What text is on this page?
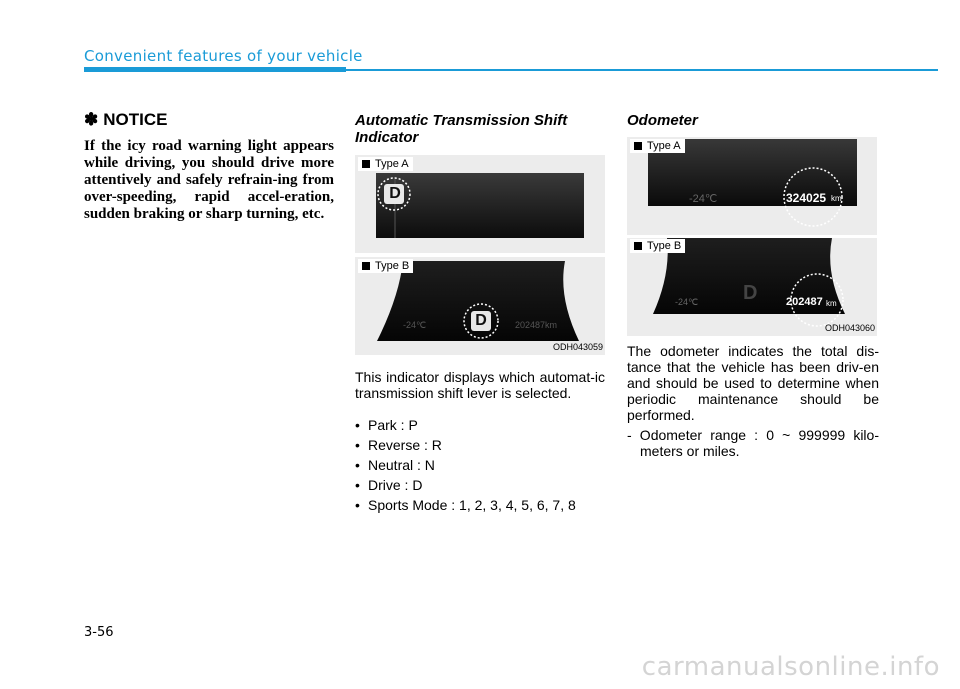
Convenient features of your vehicle
✽ NOTICE

If the icy road warning light appears while driving, you should drive more attentively and safely refrain-ing from over-speeding, rapid accel-eration, sudden braking or sharp turning, etc.

Automatic Transmission Shift Indicator
D
Type A
D
-24℃	202487km
Type B
ODH043059

This indicator displays which automat-ic transmission shift lever is selected.

• Park : P
• Reverse : R
• Neutral : N
• Drive : D
• Sports Mode : 1, 2, 3, 4, 5, 6, 7, 8
Odometer
-24℃	324025 km
Type A
-24℃ D	202487 km
Type B
ODH043060

The odometer indicates the total dis-tance that the vehicle has been driv-en and should be used to determine when periodic maintenance should be performed.

- Odometer range : 0 ~ 999999 kilo-meters or miles.

3-56
carmanualsonline.info
